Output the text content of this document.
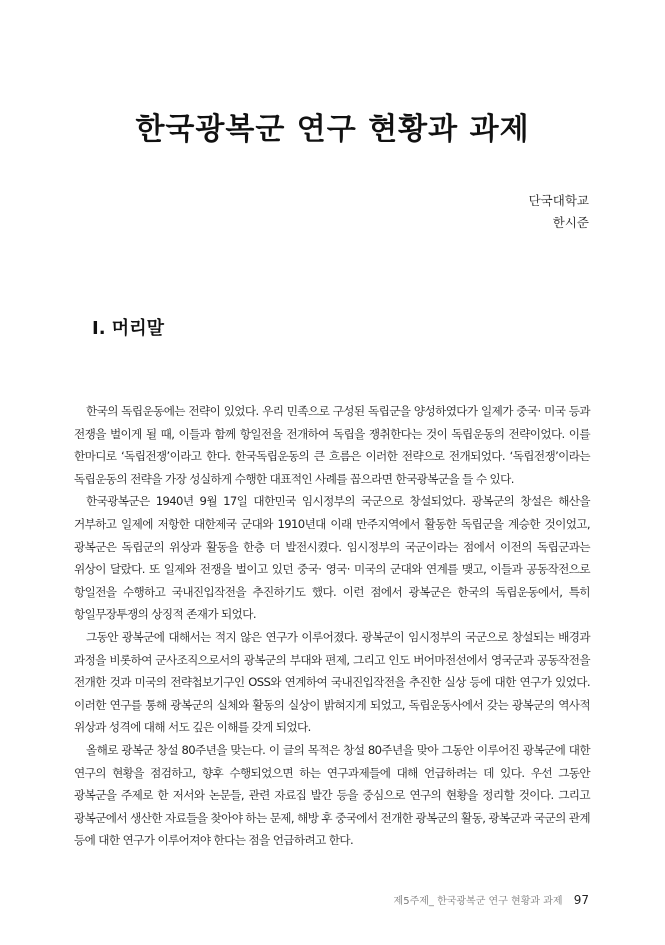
한국광복군 연구 현황과 과제
단국대학교
한시준
Ⅰ. 머리말

한국의 독립운동에는 전략이 있었다. 우리 민족으로 구성된 독립군을 양성하였다가 일제가 중국· 미국 등과 전쟁을 벌이게 될 때, 이들과 함께 항일전을 전개하여 독립을 쟁취한다는 것이 독립운동의 전략이었다. 이를 한마디로 ‘독립전쟁’이라고 한다. 한국독립운동의 큰 흐름은 이러한 전략으로 전개되었다. ‘독립전쟁’이라는 독립운동의 전략을 가장 성실하게 수행한 대표적인 사례를 꼽으라면 한국광복군을 들 수 있다.

한국광복군은 1940년 9월 17일 대한민국 임시정부의 국군으로 창설되었다. 광복군의 창설은 해산을 거부하고 일제에 저항한 대한제국 군대와 1910년대 이래 만주지역에서 활동한 독립군을 계승한 것이었고, 광복군은 독립군의 위상과 활동을 한층 더 발전시켰다. 임시정부의 국군이라는 점에서 이전의 독립군과는 위상이 달랐다. 또 일제와 전쟁을 벌이고 있던 중국· 영국· 미국의 군대와 연계를 맺고, 이들과 공동작전으로 항일전을 수행하고 국내진입작전을 추진하기도 했다. 이런 점에서 광복군은 한국의 독립운동에서, 특히 항일무장투쟁의 상징적 존재가 되었다.

그동안 광복군에 대해서는 적지 않은 연구가 이루어졌다. 광복군이 임시정부의 국군으로 창설되는 배경과 과정을 비롯하여 군사조직으로서의 광복군의 부대와 편제, 그리고 인도 버어마전선에서 영국군과 공동작전을 전개한 것과 미국의 전략첩보기구인 OSS와 연계하여 국내진입작전을 추진한 실상 등에 대한 연구가 있었다. 이러한 연구를 통해 광복군의 실체와 활동의 실상이 밝혀지게 되었고, 독립운동사에서 갖는 광복군의 역사적 위상과 성격에 대해 서도 깊은 이해를 갖게 되었다.

올해로 광복군 창설 80주년을 맞는다. 이 글의 목적은 창설 80주년을 맞아 그동안 이루어진 광복군에 대한 연구의 현황을 점검하고, 향후 수행되었으면 하는 연구과제들에 대해 언급하려는 데 있다. 우선 그동안 광복군을 주제로 한 저서와 논문들, 관련 자료집 발간 등을 중심으로 연구의 현황을 정리할 것이다. 그리고 광복군에서 생산한 자료들을 찾아야 하는 문제, 해방 후 중국에서 전개한 광복군의 활동, 광복군과 국군의 관계 등에 대한 연구가 이루어져야 한다는 점을 언급하려고 한다.

제5주제_ 한국광복군 연구 현황과 과제 97
